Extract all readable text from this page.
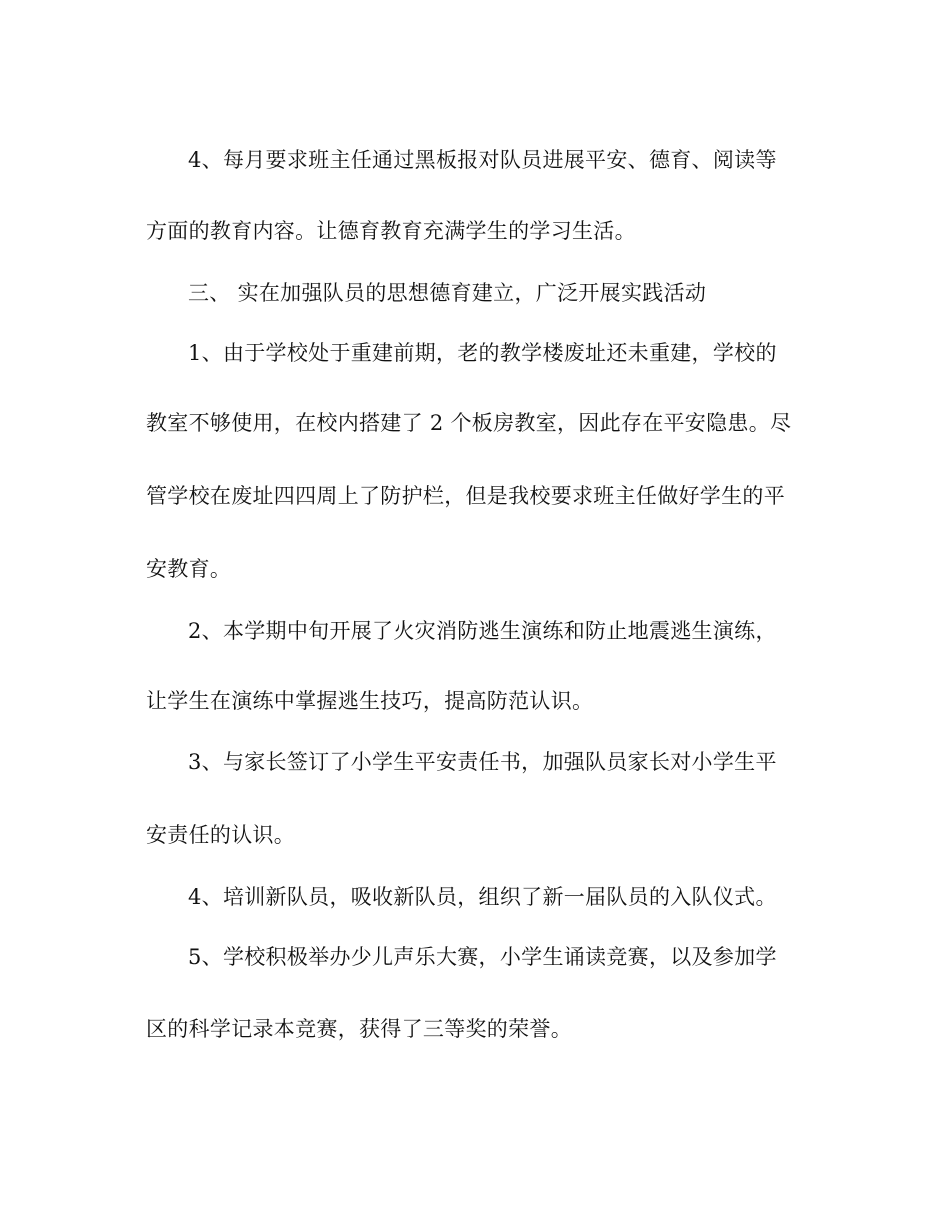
4、每月要求班主任通过黑板报对队员进展平安、德育、阅读等
方面的教育内容。让德育教育充满学生的学习生活。
三、 实在加强队员的思想德育建立，广泛开展实践活动
1、由于学校处于重建前期，老的教学楼废址还未重建，学校的
教室不够使用，在校内搭建了 2 个板房教室，因此存在平安隐患。尽
管学校在废址四四周上了防护栏，但是我校要求班主任做好学生的平
安教育。
2、本学期中旬开展了火灾消防逃生演练和防止地震逃生演练，
让学生在演练中掌握逃生技巧，提高防范认识。
3、与家长签订了小学生平安责任书，加强队员家长对小学生平
安责任的认识。
4、培训新队员，吸收新队员，组织了新一届队员的入队仪式。
5、学校积极举办少儿声乐大赛，小学生诵读竞赛，以及参加学
区的科学记录本竞赛，获得了三等奖的荣誉。
